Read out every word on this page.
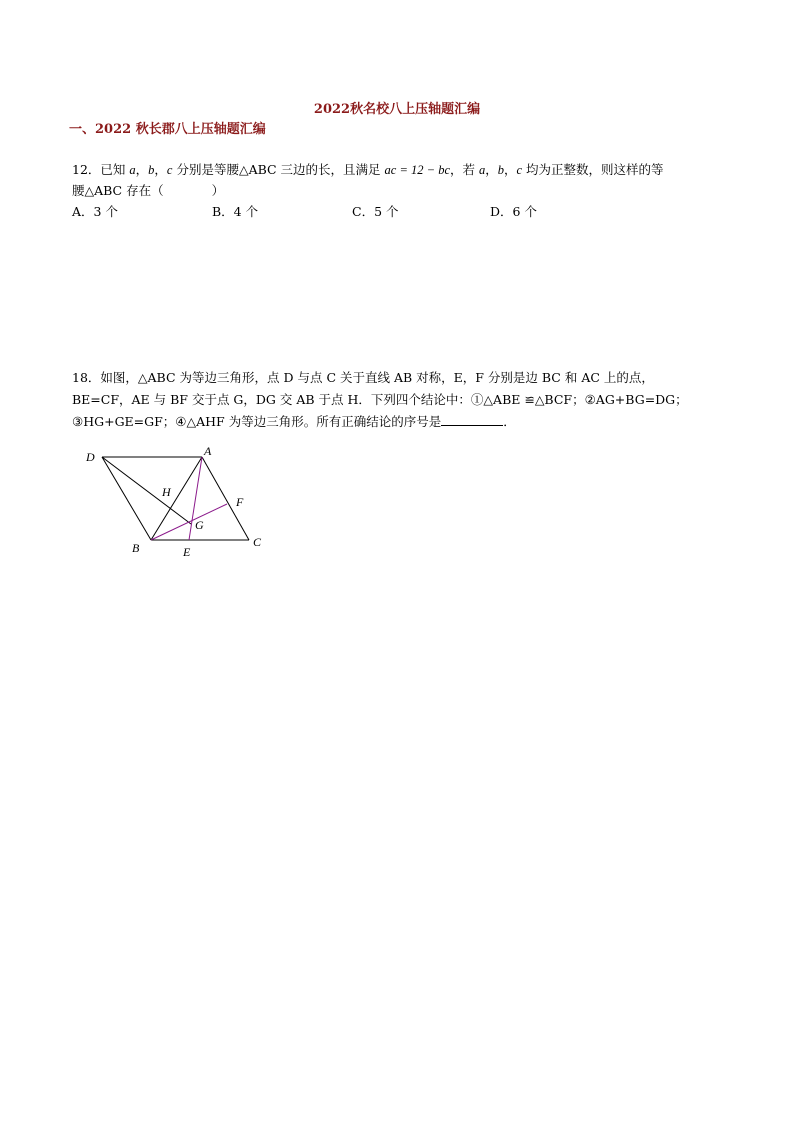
2022秋名校八上压轴题汇编
一、2022 秋长郡八上压轴题汇编

12．已知 a，b，c 分别是等腰△ABC 三边的长，且满足 ac = 12 − bc，若 a，b，c 均为正整数，则这样的等

腰△ABC 存在（	）

A．3 个	B．4 个	C．5 个	D．6 个

18．如图，△ABC 为等边三角形，点 D 与点 C 关于直线 AB 对称，E，F 分别是边 BC 和 AC 上的点，

BE=CF，AE 与 BF 交于点 G，DG 交 AB 于点 H．下列四个结论中：①△ABE ≌△BCF；②AG+BG=DG；

③HG+GE=GF；④△AHF 为等边三角形。所有正确结论的序号是	．

D	A
H
F
G
B	E
C
